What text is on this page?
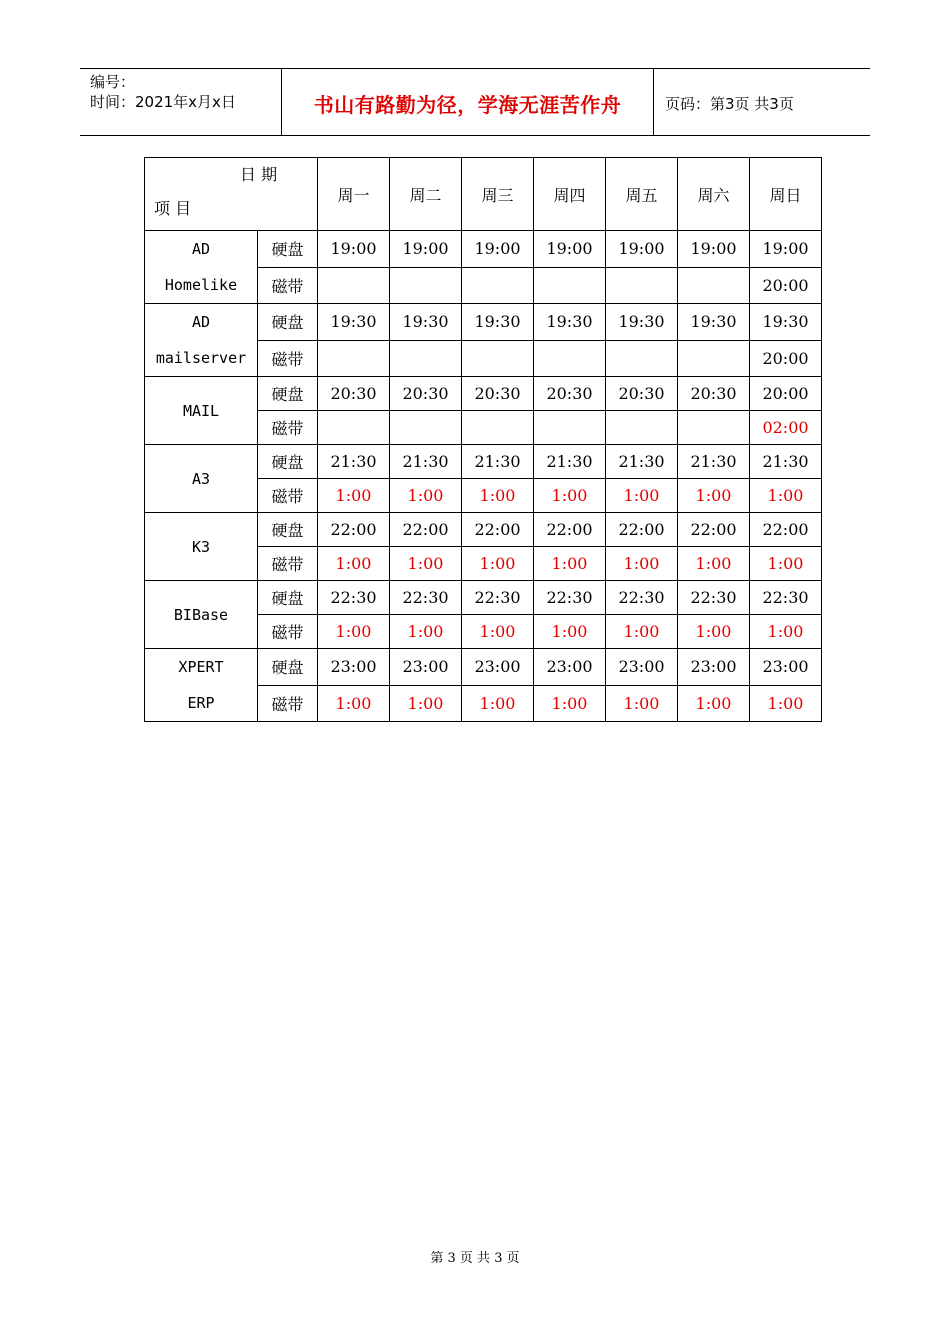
编号：
时间：2021年x月x日	书山有路勤为径，学海无涯苦作舟	页码：第3页 共3页
日 期
项 目		周一	周二	周三	周四	周五	周六	周日

AD
Homelike	硬盘	19:00	19:00	19:00	19:00	19:00	19:00	19:00
	磁带							20:00

AD
mailserver	硬盘	19:30	19:30	19:30	19:30	19:30	19:30	19:30
	磁带							20:00

MAIL	硬盘	20:30	20:30	20:30	20:30	20:30	20:30	20:00
	磁带							02:00

A3	硬盘	21:30	21:30	21:30	21:30	21:30	21:30	21:30
	磁带	1:00	1:00	1:00	1:00	1:00	1:00	1:00

K3	硬盘	22:00	22:00	22:00	22:00	22:00	22:00	22:00
	磁带	1:00	1:00	1:00	1:00	1:00	1:00	1:00

BIBase	硬盘	22:30	22:30	22:30	22:30	22:30	22:30	22:30
	磁带	1:00	1:00	1:00	1:00	1:00	1:00	1:00

XPERT
ERP	硬盘	23:00	23:00	23:00	23:00	23:00	23:00	23:00
	磁带	1:00	1:00	1:00	1:00	1:00	1:00	1:00
第 3 页 共 3 页
